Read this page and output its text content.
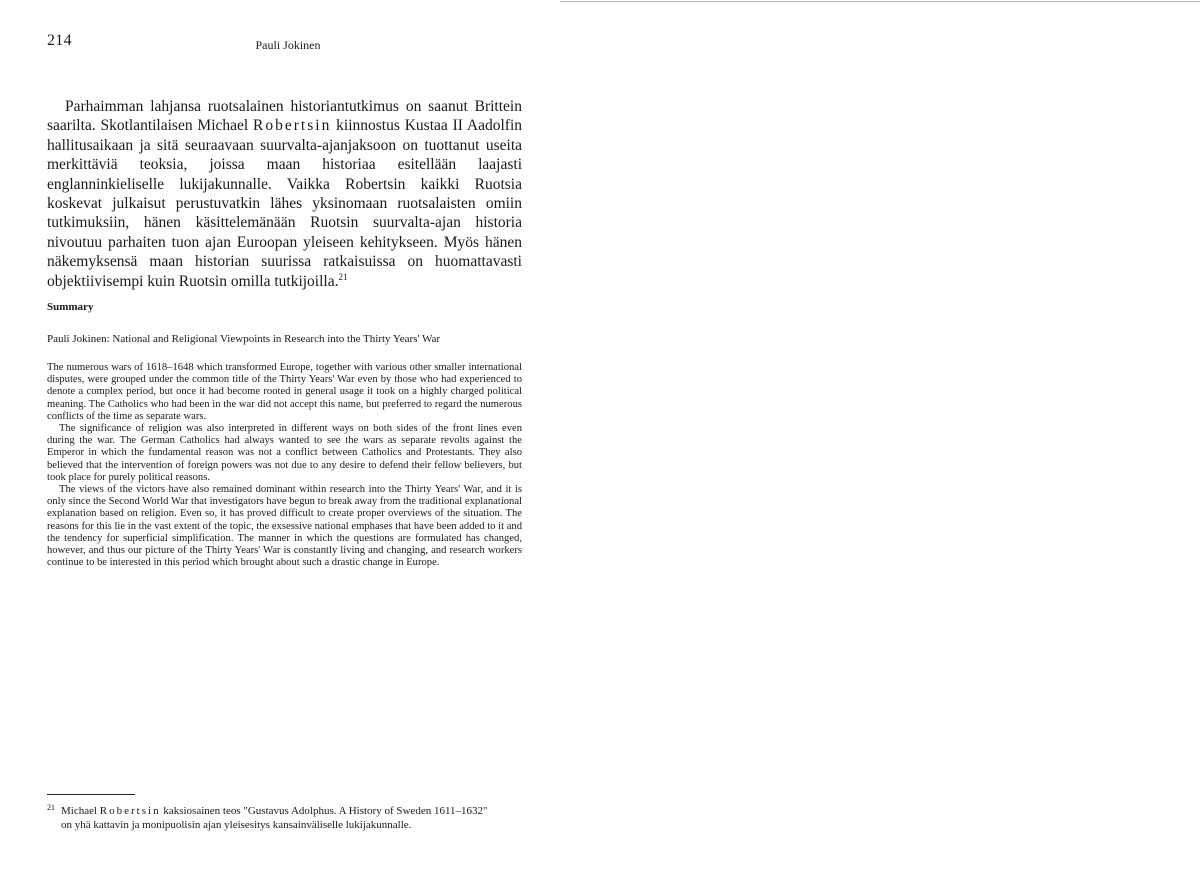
214	Pauli Jokinen

Parhaimman lahjansa ruotsalainen historiantutkimus on saanut Brittein saarilta. Skotlantilaisen Michael Robertsin kiinnostus Kustaa II Aadolfin hallitusaikaan ja sitä seuraavaan suurvalta-ajanjaksoon on tuottanut useita merkittäviä teoksia, joissa maan historiaa esitellään laajasti englanninkieliselle lukijakunnalle. Vaikka Robertsin kaikki Ruotsia koskevat julkaisut perustuvatkin lähes yksinomaan ruotsalaisten omiin tutkimuksiin, hänen käsittelemänään Ruotsin suurvalta-ajan historia nivoutuu parhaiten tuon ajan Euroopan yleiseen kehitykseen. Myös hänen näkemyksensä maan historian suurissa ratkaisuissa on huomattavasti objektiivisempi kuin Ruotsin omilla tutkijoilla.$^{21}$

Summary
Pauli Jokinen: National and Religional Viewpoints in Research into the Thirty Years' War

The numerous wars of 1618–1648 which transformed Europe, together with various other smaller international disputes, were grouped under the common title of the Thirty Years' War even by those who had experienced to denote a complex period, but once it had become rooted in general usage it took on a highly charged political meaning. The Catholics who had been in the war did not accept this name, but preferred to regard the numerous conflicts of the time as separate wars.

The significance of religion was also interpreted in different ways on both sides of the front lines even during the war. The German Catholics had always wanted to see the wars as separate revolts against the Emperor in which the fundamental reason was not a conflict between Catholics and Protestants. They also believed that the intervention of foreign powers was not due to any desire to defend their fellow believers, but took place for purely political reasons.

The views of the victors have also remained dominant within research into the Thirty Years' War, and it is only since the Second World War that investigators have begun to break away from the traditional explanational explanation based on religion. Even so, it has proved difficult to create proper overviews of the situation. The reasons for this lie in the vast extent of the topic, the exsessive national emphases that have been added to it and the tendency for superficial simplification. The manner in which the questions are formulated has changed, however, and thus our picture of the Thirty Years' War is constantly living and changing, and research workers continue to be interested in this period which brought about such a drastic change in Europe.

$^{21}$ Michael Robertsin kaksiosainen teos "Gustavus Adolphus. A History of Sweden 1611–1632"
on yhä kattavin ja monipuolisin ajan yleisesitys kansainväliselle lukijakunnalle.
